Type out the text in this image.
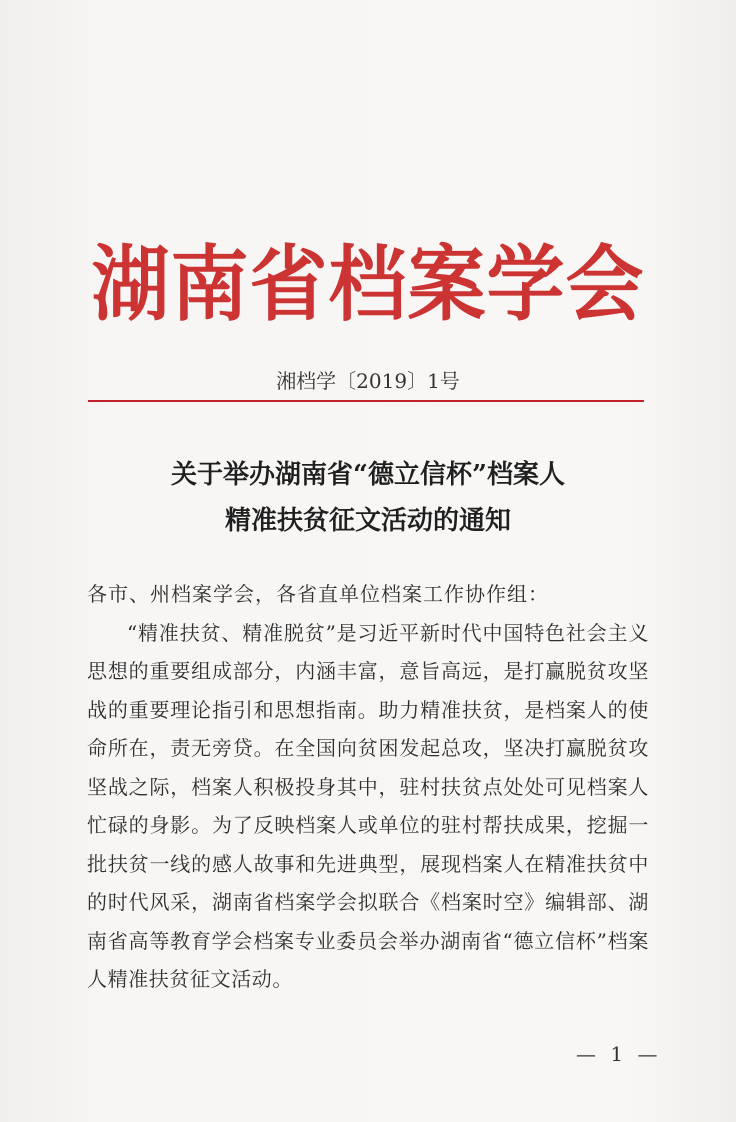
湖南省档案学会
湘档学〔2019〕1号
关于举办湖南省“德立信杯”档案人
精准扶贫征文活动的通知

各市、州档案学会，各省直单位档案工作协作组：

“精准扶贫、精准脱贫”是习近平新时代中国特色社会主义思想的重要组成部分，内涵丰富，意旨高远，是打赢脱贫攻坚战的重要理论指引和思想指南。助力精准扶贫，是档案人的使命所在，责无旁贷。在全国向贫困发起总攻，坚决打赢脱贫攻坚战之际，档案人积极投身其中，驻村扶贫点处处可见档案人忙碌的身影。为了反映档案人或单位的驻村帮扶成果，挖掘一批扶贫一线的感人故事和先进典型，展现档案人在精准扶贫中的时代风采，湖南省档案学会拟联合《档案时空》编辑部、湖南省高等教育学会档案专业委员会举办湖南省“德立信杯”档案人精准扶贫征文活动。

— 1 —
